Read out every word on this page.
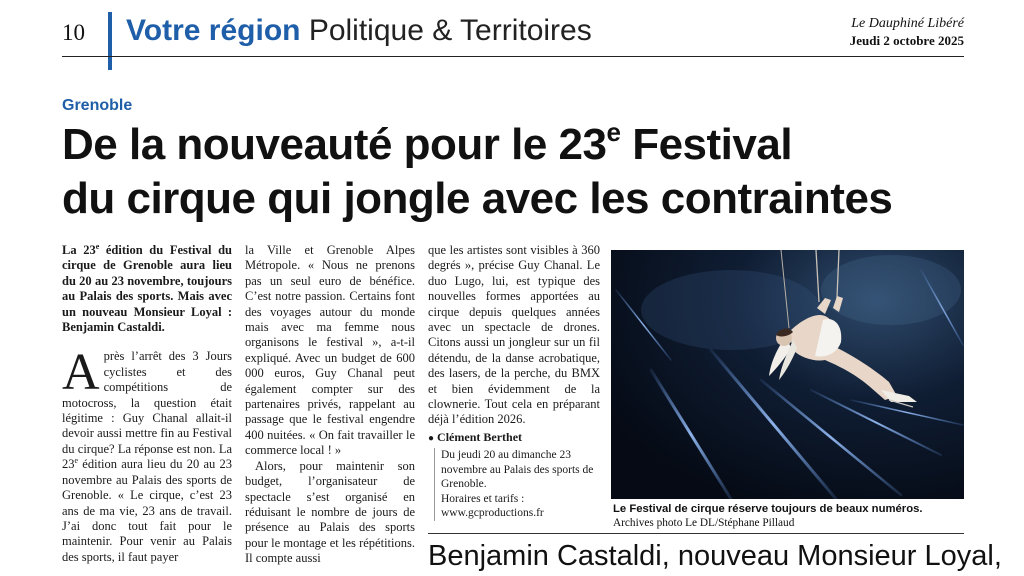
10 Votre région Politique & Territoires	Le Dauphiné Libéré
Jeudi 2 octobre 2025
Grenoble
De la nouveauté pour le 23e Festival
du cirque qui jongle avec les contraintes

La 23e édition du Festival du cirque de Grenoble aura lieu du 20 au 23 novembre, toujours au Palais des sports. Mais avec un nouveau Monsieur Loyal : Benjamin Castaldi.

Après l’arrêt des 3 Jours cyclistes et des compétitions de motocross, la question était légitime : Guy Chanal allait-il devoir aussi mettre fin au Festival du cirque? La réponse est non. La 23e édition aura lieu du 20 au 23 novembre au Palais des sports de Grenoble. « Le cirque, c’est 23 ans de ma vie, 23 ans de travail. J’ai donc tout fait pour le maintenir. Pour venir au Palais des sports, il faut payer

la Ville et Grenoble Alpes Métropole. « Nous ne prenons pas un seul euro de bénéfice. C’est notre passion. Certains font des voyages autour du monde mais avec ma femme nous organisons le festival », a-t-il expliqué. Avec un budget de 600 000 euros, Guy Chanal peut également compter sur des partenaires privés, rappelant au passage que le festival engendre 400 nuitées. « On fait travailler le commerce local ! »

Alors, pour maintenir son budget, l’organisateur de spectacle s’est organisé en réduisant le nombre de jours de présence au Palais des sports pour le montage et les répétitions. Il compte aussi

que les artistes sont visibles à 360 degrés », précise Guy Chanal. Le duo Lugo, lui, est typique des nouvelles formes apportées au cirque depuis quelques années avec un spectacle de drones. Citons aussi un jongleur sur un fil détendu, de la danse acrobatique, des lasers, de la perche, du BMX et bien évidemment de la clownerie. Tout cela en préparant déjà l’édition 2026.

● Clément Berthet

Du jeudi 20 au dimanche 23 novembre au Palais des sports de Grenoble.
Horaires et tarifs :
www.gcproductions.fr	Le Festival de cirque réserve toujours de beaux numéros.
Archives photo Le DL/Stéphane Pillaud
Benjamin Castaldi, nouveau Monsieur Loyal,
